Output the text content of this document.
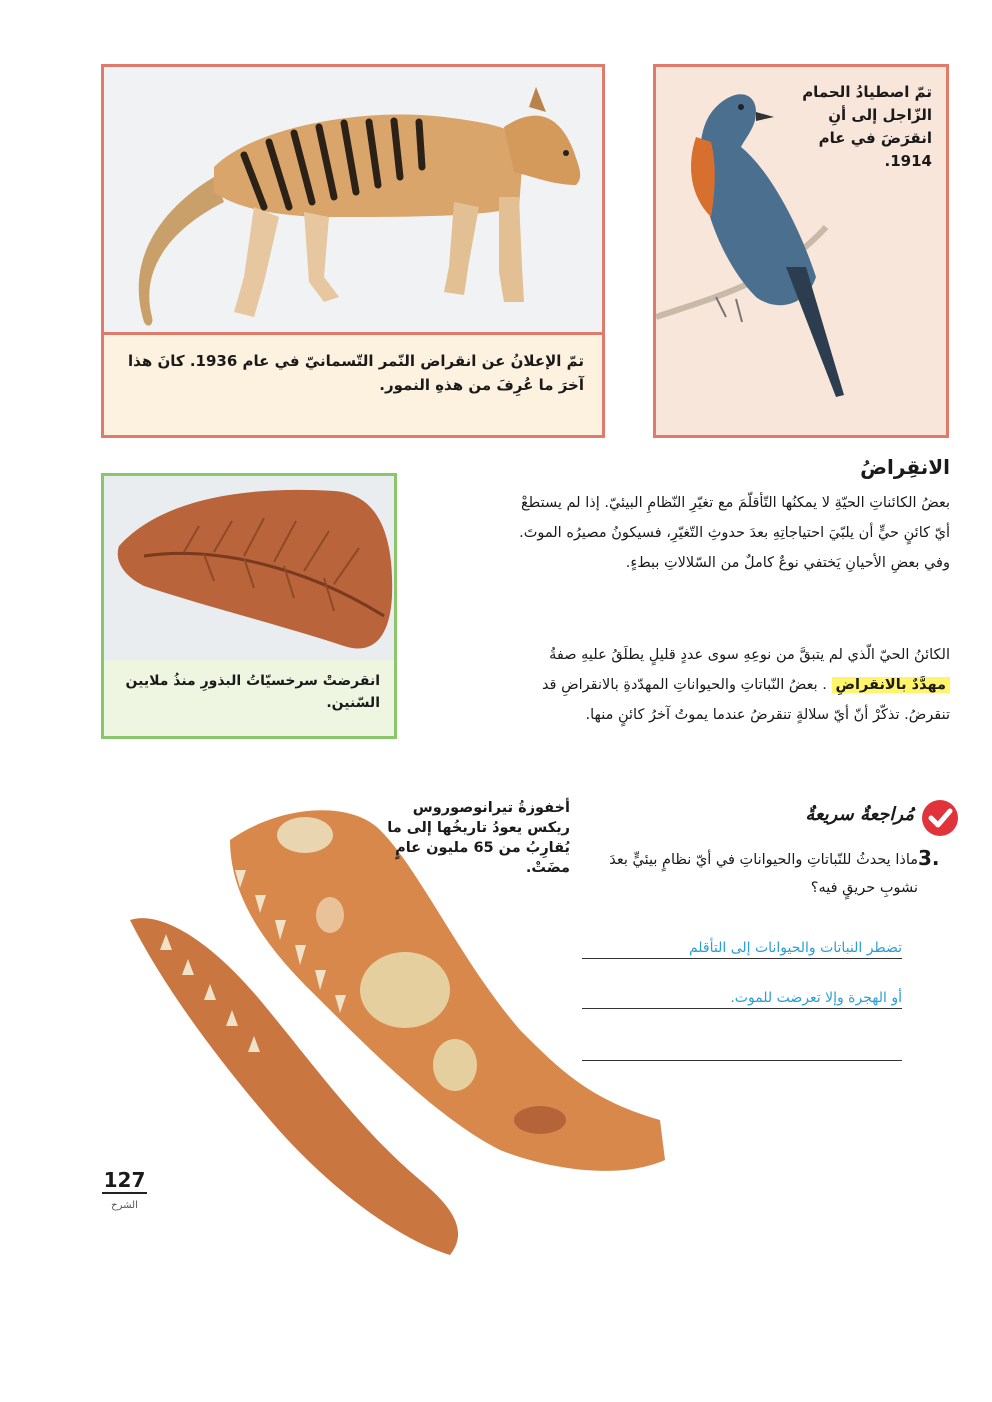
تمّ الإعلانُ عن انقراض النّمر التّسمانيّ في عام 1936. كانَ هذا آخرَ ما عُرِفَ من هذهِ النمور.
تمّ اصطيادُ الحمام الزّاجل إلى أنِ انقرَضَ في عام 1914.
انقرضتْ سرخسيّاتُ البذورِ منذُ ملايين السّنين.
الانقِراضُ
بعضُ الكائناتِ الحيّةِ لا يمكنُها التّأقلّمَ مع تغيّرِ النّظامِ البيئيّ. إذا لم يستطعْ أيّ كائنٍ حيٍّ أن يلبّيَ احتياجاتِهِ بعدَ حدوثِ التّغيّرِ، فسيكونُ مصيرُه الموتَ. وفي بعضِ الأحيانِ يَختفي نوعٌ كاملٌ من السّلالاتِ ببطءٍ.
الكائنُ الحيّ الّذي لم يتبقَّ من نوعِهِ سوى عددٍ قليلٍ يطلَقُ عليهِ صفةُ مهدَّدٌ بالانقراضِ . بعضُ النّباتاتِ والحيواناتِ المهدّدةِ بالانقراضِ قد تنقرضُ. تذكّرْ أنّ أيّ سلالةٍ تنقرضُ عندما يموتُ آخرُ كائنٍ منها.
مُراجعةٌ سريعةٌ
3.
ماذا يحدثُ للنّباتاتِ والحيواناتِ في أيّ نظامٍ بيئيٍّ بعدَ نشوبِ حريقٍ فيه؟
تضطر النباتات والحيوانات إلى التأقلم
أو الهجرة وإلا تعرضت للموت.
أخفوزةُ تيرانوصوروس ريكس يعودُ تاريخُها إلى ما يُقارِبُ من 65 مليون عامٍ مضَتْ.
127
الشرح
